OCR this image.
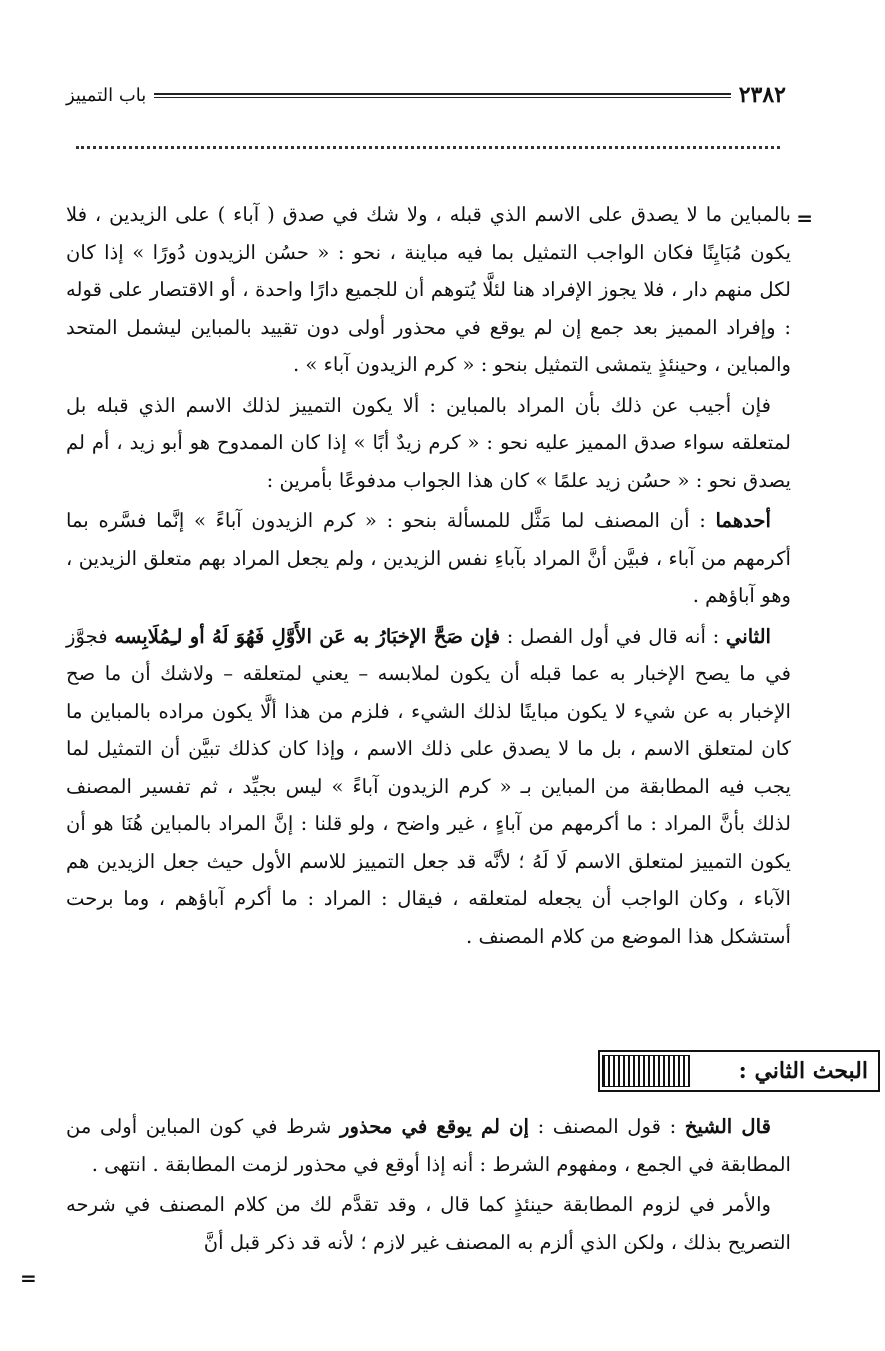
٢٣٨٢
باب التمييز
=

بالمباين ما لا يصدق على الاسم الذي قبله ، ولا شك في صدق ( آباء ) على الزيدين ، فلا يكون مُبَايِنًا فكان الواجب التمثيل بما فيه مباينة ، نحو : « حسُن الزيدون دُورًا » إذا كان لكل منهم دار ، فلا يجوز الإفراد هنا لئلَّا يُتوهم أن للجميع دارًا واحدة ، أو الاقتصار على قوله : وإفراد المميز بعد جمع إن لم يوقع في محذور أولى دون تقييد بالمباين ليشمل المتحد والمباين ، وحينئذٍ يتمشى التمثيل بنحو : « كرم الزيدون آباء » .

فإن أجيب عن ذلك بأن المراد بالمباين : ألا يكون التمييز لذلك الاسم الذي قبله بل لمتعلقه سواء صدق المميز عليه نحو : « كرم زيدٌ أبًا » إذا كان الممدوح هو أبو زيد ، أم لم يصدق نحو : « حسُن زيد علمًا » كان هذا الجواب مدفوعًا بأمرين :

أحدهما : أن المصنف لما مَثَّل للمسألة بنحو : « كرم الزيدون آباءً » إنَّما فسَّره بما أكرمهم من آباء ، فبيَّن أنَّ المراد بآباءِ نفس الزيدين ، ولم يجعل المراد بهم متعلق الزيدين ، وهو آباؤهم .

الثاني : أنه قال في أول الفصل : فإن صَحَّ الإخبَارُ به عَن الأَوَّلِ فَهُوَ لَهُ أو لـِمُلَابِسه فجوَّز في ما يصح الإخبار به عما قبله أن يكون لملابسه – يعني لمتعلقه – ولاشك أن ما صح الإخبار به عن شيء لا يكون مباينًا لذلك الشيء ، فلزم من هذا ألَّا يكون مراده بالمباين ما كان لمتعلق الاسم ، بل ما لا يصدق على ذلك الاسم ، وإذا كان كذلك تبيَّن أن التمثيل لما يجب فيه المطابقة من المباين بـ « كرم الزيدون آباءً » ليس بجيِّد ، ثم تفسير المصنف لذلك بأنَّ المراد : ما أكرمهم من آباءٍ ، غير واضح ، ولو قلنا : إنَّ المراد بالمباين هُنَا هو أن يكون التمييز لمتعلق الاسم لَا لَهُ ؛ لأنَّه قد جعل التمييز للاسم الأول حيث جعل الزيدين هم الآباء ، وكان الواجب أن يجعله لمتعلقه ، فيقال : المراد : ما أكرم آباؤهم ، وما برحت أستشكل هذا الموضع من كلام المصنف .

البحث الثاني :

قال الشيخ : قول المصنف : إن لم يوقع في محذور شرط في كون المباين أولى من المطابقة في الجمع ، ومفهوم الشرط : أنه إذا أوقع في محذور لزمت المطابقة . انتهى .

والأمر في لزوم المطابقة حينئذٍ كما قال ، وقد تقدَّم لك من كلام المصنف في شرحه التصريح بذلك ، ولكن الذي ألزم به المصنف غير لازم ؛ لأنه قد ذكر قبل أنَّ

=
